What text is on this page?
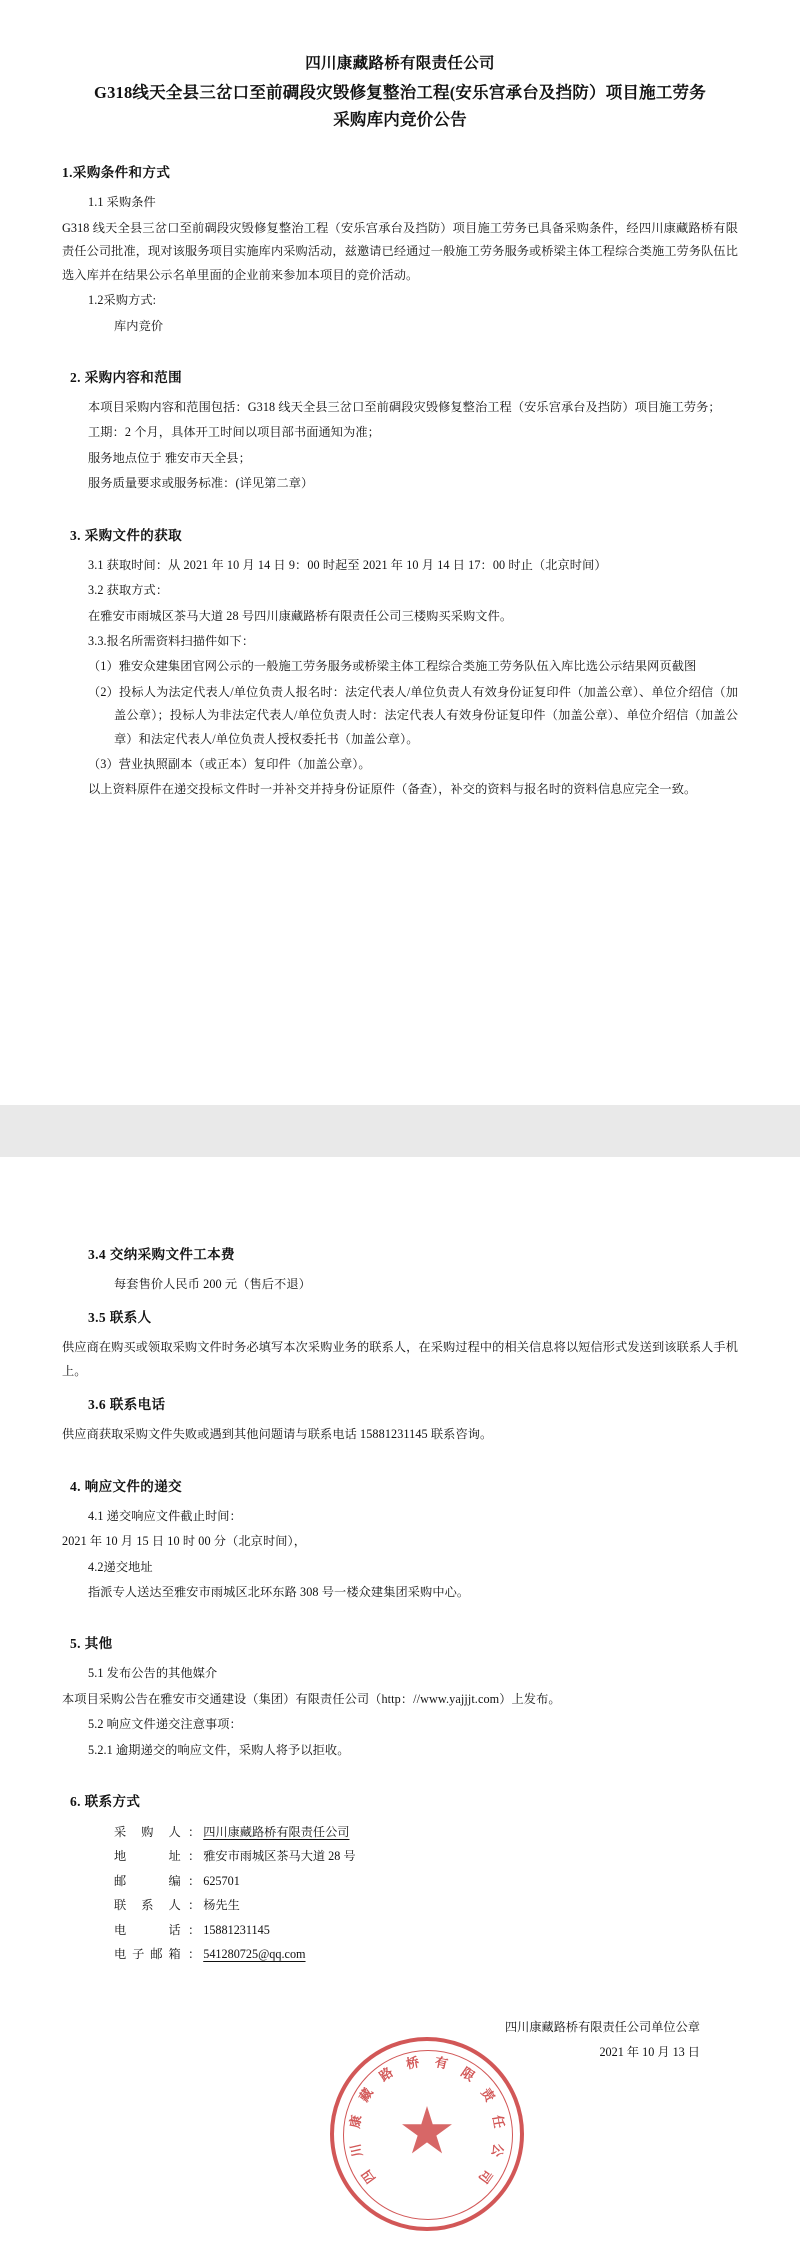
四川康藏路桥有限责任公司
G318线天全县三岔口至前碉段灾毁修复整治工程(安乐宫承台及挡防）项目施工劳务采购库内竞价公告
1.采购条件和方式

1.1 采购条件

G318 线天全县三岔口至前碉段灾毁修复整治工程（安乐宫承台及挡防）项目施工劳务已具备采购条件，经四川康藏路桥有限责任公司批准，现对该服务项目实施库内采购活动，兹邀请已经通过一般施工劳务服务或桥梁主体工程综合类施工劳务队伍比选入库并在结果公示名单里面的企业前来参加本项目的竞价活动。

1.2采购方式:

库内竞价

2. 采购内容和范围

本项目采购内容和范围包括：G318 线天全县三岔口至前碉段灾毁修复整治工程（安乐宫承台及挡防）项目施工劳务；

工期：2 个月，具体开工时间以项目部书面通知为准；

服务地点位于 雅安市天全县；

服务质量要求或服务标准：(详见第二章）

3. 采购文件的获取

3.1 获取时间：从 2021 年 10 月 14 日 9：00 时起至 2021 年 10 月 14 日 17：00 时止（北京时间）

3.2 获取方式：

在雅安市雨城区茶马大道 28 号四川康藏路桥有限责任公司三楼购买采购文件。

3.3.报名所需资料扫描件如下：

（1）雅安众建集团官网公示的一般施工劳务服务或桥梁主体工程综合类施工劳务队伍入库比选公示结果网页截图

（2）投标人为法定代表人/单位负责人报名时：法定代表人/单位负责人有效身份证复印件（加盖公章）、单位介绍信（加盖公章）；投标人为非法定代表人/单位负责人时：法定代表人有效身份证复印件（加盖公章）、单位介绍信（加盖公章）和法定代表人/单位负责人授权委托书（加盖公章）。

（3）营业执照副本（或正本）复印件（加盖公章）。

以上资料原件在递交投标文件时一并补交并持身份证原件（备查），补交的资料与报名时的资料信息应完全一致。

3.4 交纳采购文件工本费

每套售价人民币 200 元（售后不退）

3.5 联系人

供应商在购买或领取采购文件时务必填写本次采购业务的联系人，在采购过程中的相关信息将以短信形式发送到该联系人手机上。

3.6 联系电话

供应商获取采购文件失败或遇到其他问题请与联系电话 15881231145 联系咨询。

4. 响应文件的递交

4.1 递交响应文件截止时间：

2021 年 10 月 15 日 10 时 00 分（北京时间），

4.2递交地址

指派专人送达至雅安市雨城区北环东路 308 号一楼众建集团采购中心。

5. 其他

5.1 发布公告的其他媒介

本项目采购公告在雅安市交通建设（集团）有限责任公司（http：//www.yajjjt.com）上发布。

5.2 响应文件递交注意事项：

5.2.1 逾期递交的响应文件，采购人将予以拒收。

6. 联系方式
采 购 人： 四川康藏路桥有限责任公司
地　　址： 雅安市雨城区茶马大道 28 号
邮　　编： 625701
联 系 人： 杨先生
电　　话： 15881231145
电子邮箱： 541280725@qq.com
四
川
康
藏
路
桥 有
限
责
任
公
司
四川康藏路桥有限责任公司单位公章
2021 年 10 月 13 日
